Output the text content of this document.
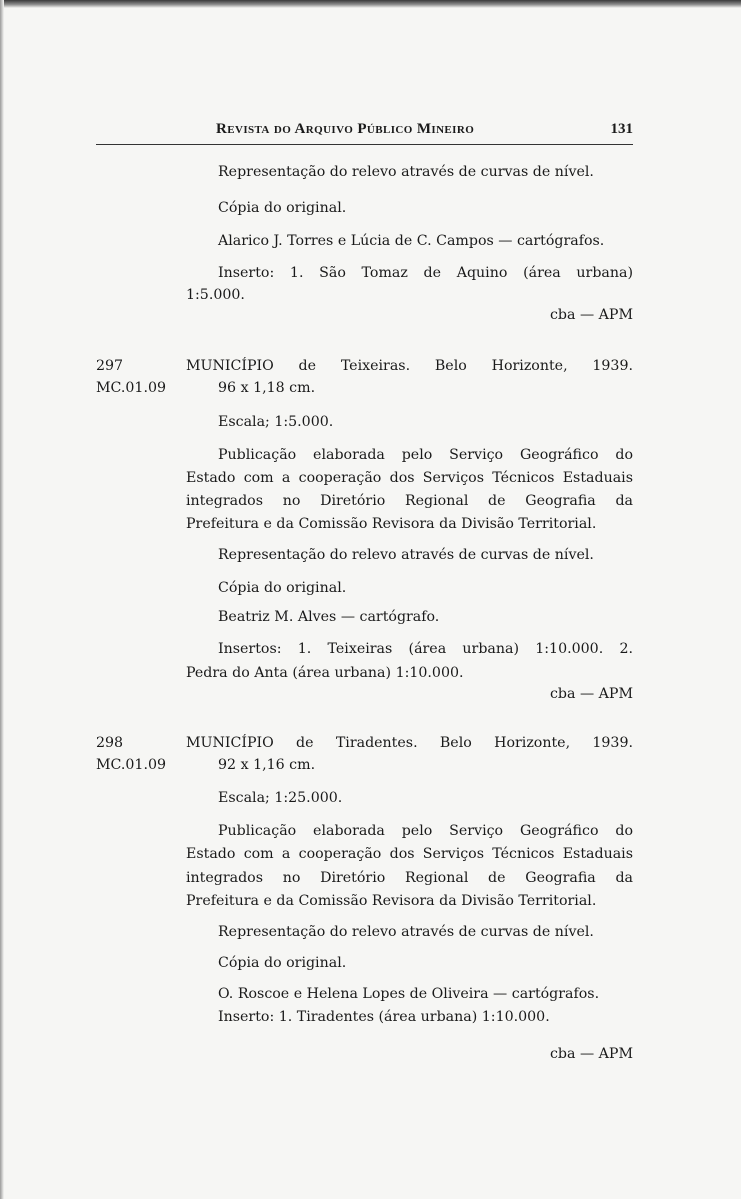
Revista do Arquivo Público Mineiro	131
Representação do relevo através de curvas de nível.
Cópia do original.
Alarico J. Torres e Lúcia de C. Campos — cartógrafos.
Inserto: 1. São Tomaz de Aquino (área urbana)
1:5.000.
cba — APM
297
MC.01.09
MUNICÍPIO de Teixeiras. Belo Horizonte, 1939.
96 x 1,18 cm.
Escala; 1:5.000.
Publicação elaborada pelo Serviço Geográfico do
Estado com a cooperação dos Serviços Técnicos Estaduais
integrados no Diretório Regional de Geografia da
Prefeitura e da Comissão Revisora da Divisão Territorial.
Representação do relevo através de curvas de nível.
Cópia do original.
Beatriz M. Alves — cartógrafo.
Insertos: 1. Teixeiras (área urbana) 1:10.000. 2.
Pedra do Anta (área urbana) 1:10.000.
cba — APM
298
MC.01.09
MUNICÍPIO de Tiradentes. Belo Horizonte, 1939.
92 x 1,16 cm.
Escala; 1:25.000.
Publicação elaborada pelo Serviço Geográfico do
Estado com a cooperação dos Serviços Técnicos Estaduais
integrados no Diretório Regional de Geografia da
Prefeitura e da Comissão Revisora da Divisão Territorial.
Representação do relevo através de curvas de nível.
Cópia do original.
O. Roscoe e Helena Lopes de Oliveira — cartógrafos.
Inserto: 1. Tiradentes (área urbana) 1:10.000.
cba — APM
